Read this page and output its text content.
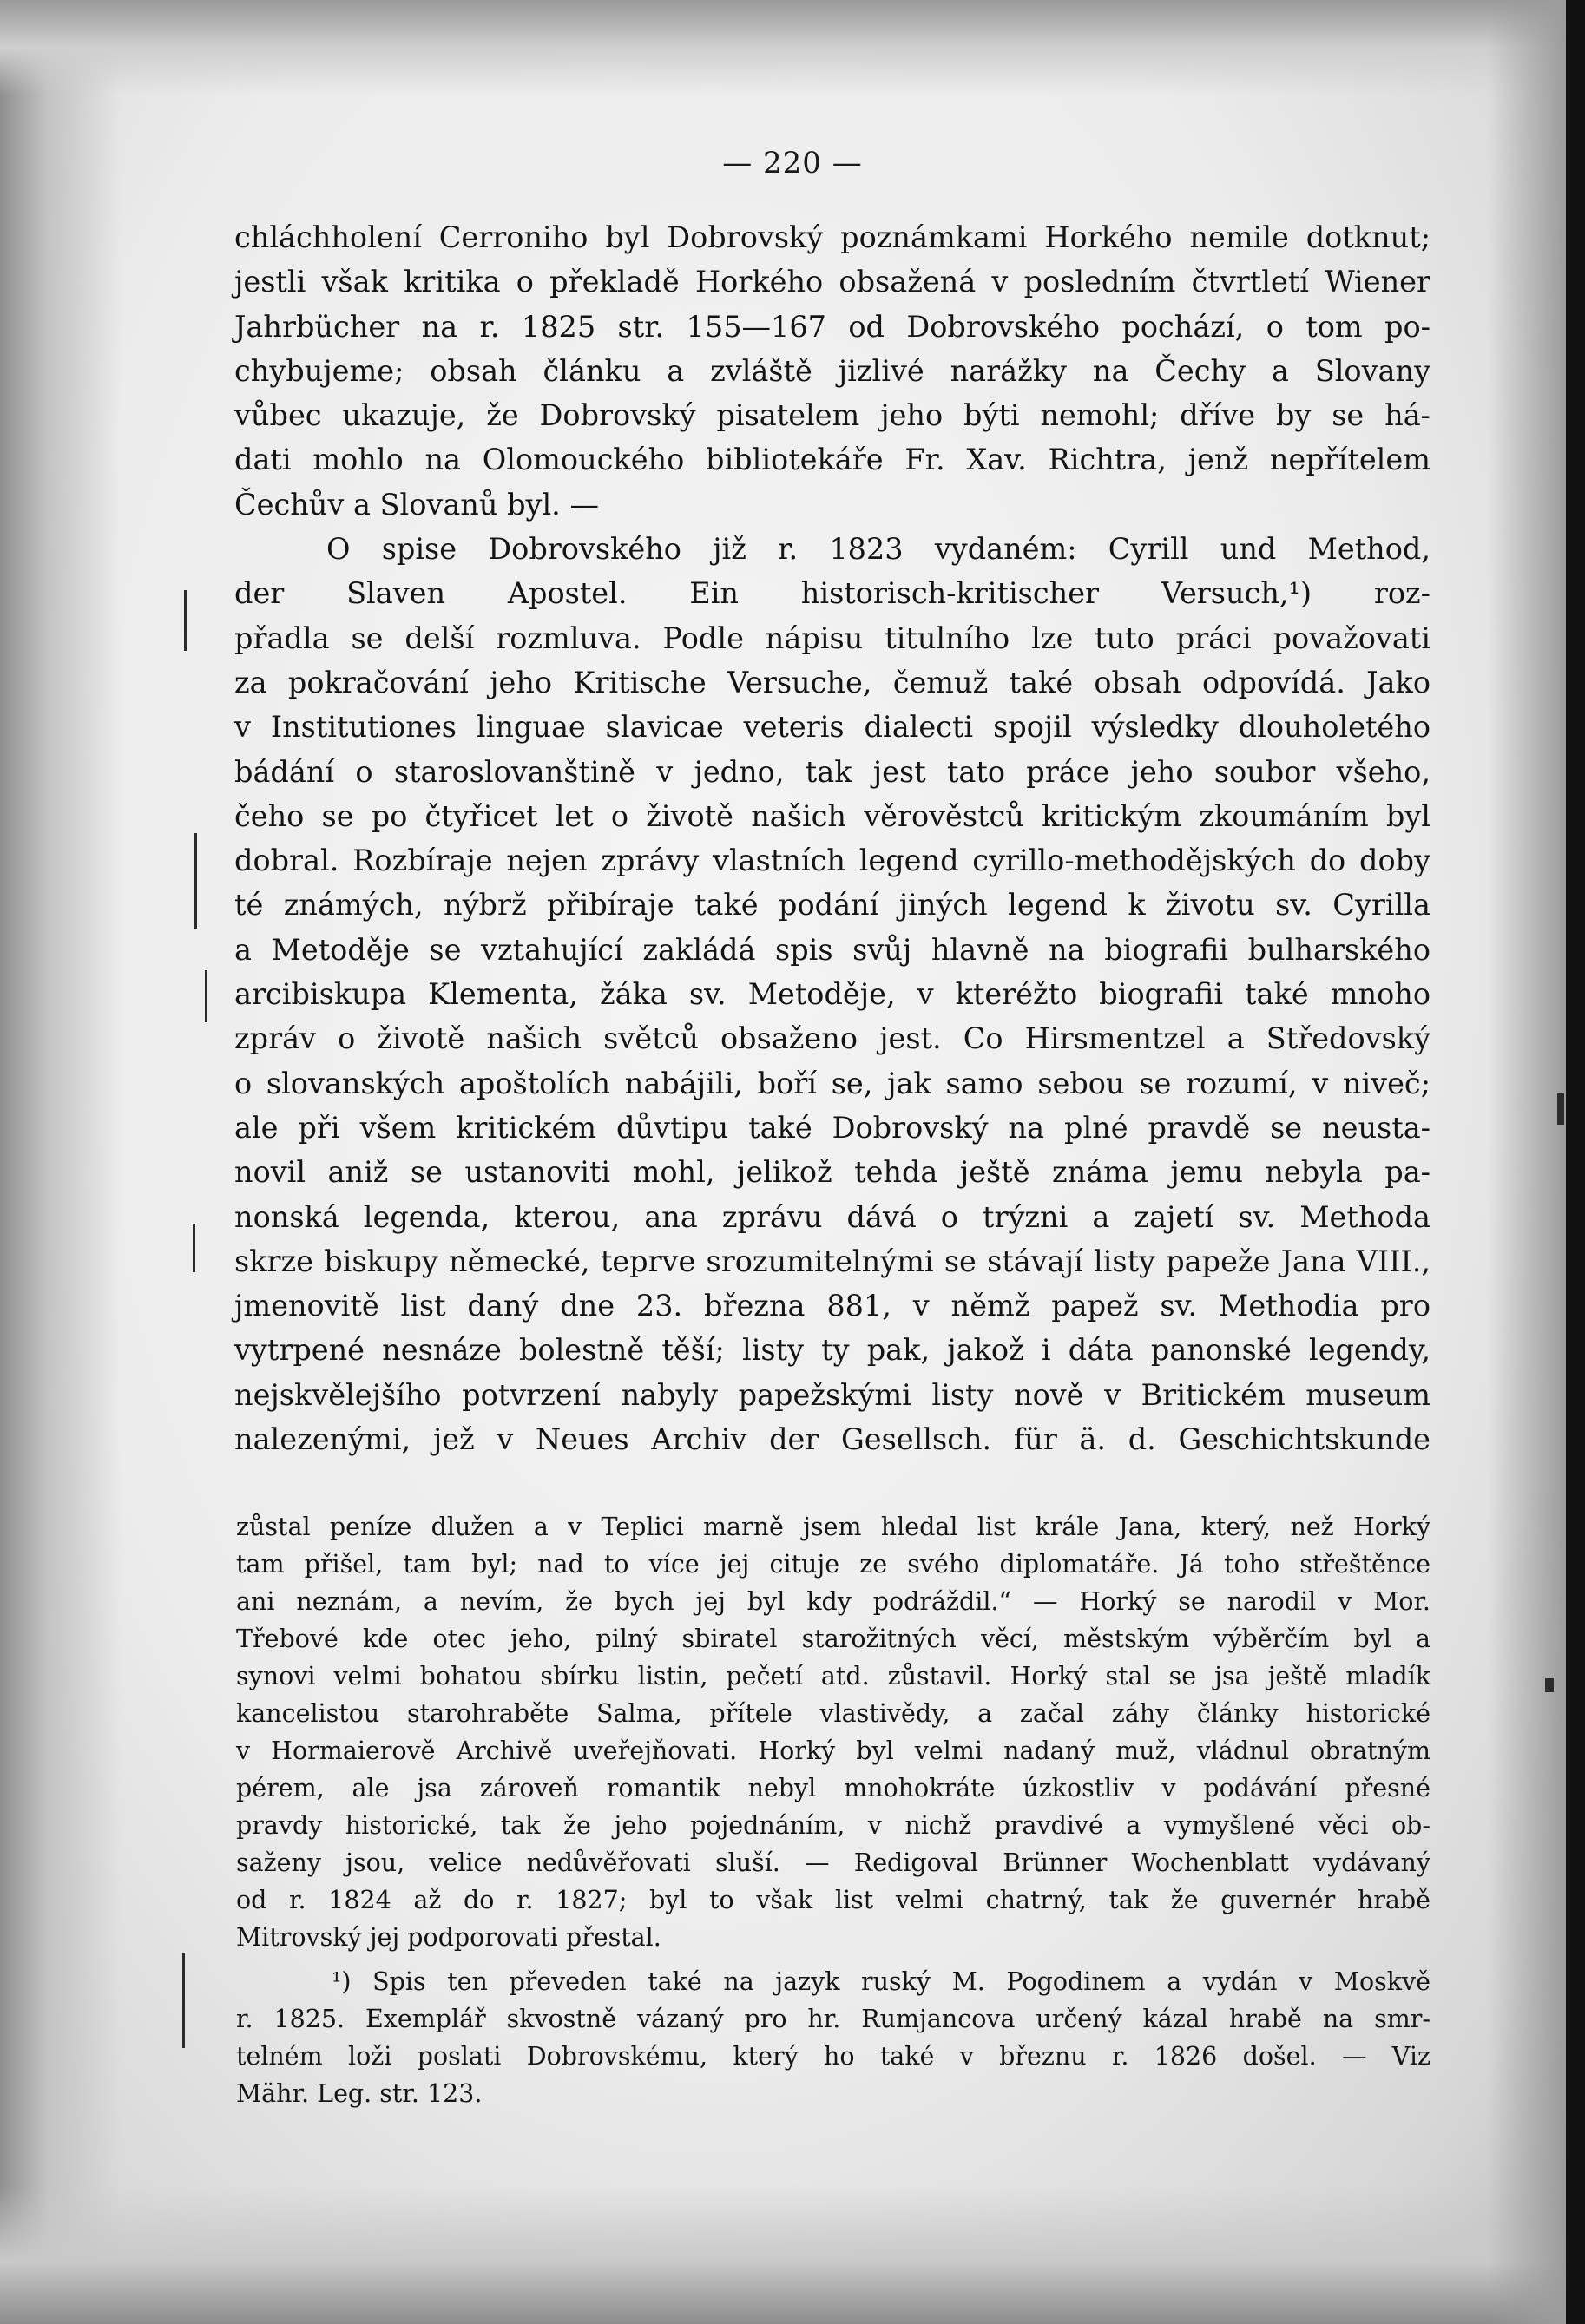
— 220 —
chláchholení Cerroniho byl Dobrovský poznámkami Horkého nemile dotknut;
jestli však kritika o překladě Horkého obsažená v posledním čtvrtletí Wiener
Jahrbücher na r. 1825 str. 155—167 od Dobrovského pochází, o tom po-
chybujeme; obsah článku a zvláště jizlivé narážky na Čechy a Slovany
vůbec ukazuje, že Dobrovský pisatelem jeho býti nemohl; dříve by se há-
dati mohlo na Olomouckého bibliotekáře Fr. Xav. Richtra, jenž nepřítelem
Čechův a Slovanů byl. —
O spise Dobrovského již r. 1823 vydaném: Cyrill und Method,
der Slaven Apostel. Ein historisch-kritischer Versuch,¹) roz-
přadla se delší rozmluva. Podle nápisu titulního lze tuto práci považovati
za pokračování jeho Kritische Versuche, čemuž také obsah odpovídá. Jako
v Institutiones linguae slavicae veteris dialecti spojil výsledky dlouholetého
bádání o staroslovanštině v jedno, tak jest tato práce jeho soubor všeho,
čeho se po čtyřicet let o životě našich věrověstců kritickým zkoumáním byl
dobral. Rozbíraje nejen zprávy vlastních legend cyrillo-methodějských do doby
té známých, nýbrž přibíraje také podání jiných legend k životu sv. Cyrilla
a Metoděje se vztahující zakládá spis svůj hlavně na biografii bulharského
arcibiskupa Klementa, žáka sv. Metoděje, v kteréžto biografii také mnoho
zpráv o životě našich světců obsaženo jest. Co Hirsmentzel a Středovský
o slovanských apoštolích nabájili, boří se, jak samo sebou se rozumí, v niveč;
ale při všem kritickém důvtipu také Dobrovský na plné pravdě se neusta-
novil aniž se ustanoviti mohl, jelikož tehda ještě známa jemu nebyla pa-
nonská legenda, kterou, ana zprávu dává o trýzni a zajetí sv. Methoda
skrze biskupy německé, teprve srozumitelnými se stávají listy papeže Jana VIII.,
jmenovitě list daný dne 23. března 881, v němž papež sv. Methodia pro
vytrpené nesnáze bolestně těší; listy ty pak, jakož i dáta panonské legendy,
nejskvělejšího potvrzení nabyly papežskými listy nově v Britickém museum
nalezenými, jež v Neues Archiv der Gesellsch. für ä. d. Geschichtskunde
zůstal peníze dlužen a v Teplici marně jsem hledal list krále Jana, který, než Horký
tam přišel, tam byl; nad to více jej cituje ze svého diplomatáře. Já toho střeštěnce
ani neznám, a nevím, že bych jej byl kdy podráždil.“ — Horký se narodil v Mor.
Třebové kde otec jeho, pilný sbiratel starožitných věcí, městským výběrčím byl a
synovi velmi bohatou sbírku listin, pečetí atd. zůstavil. Horký stal se jsa ještě mladík
kancelistou starohraběte Salma, přítele vlastivědy, a začal záhy články historické
v Hormaierově Archivě uveřejňovati. Horký byl velmi nadaný muž, vládnul obratným
pérem, ale jsa zároveň romantik nebyl mnohokráte úzkostliv v podávání přesné
pravdy historické, tak že jeho pojednáním, v nichž pravdivé a vymyšlené věci ob-
saženy jsou, velice nedůvěřovati sluší. — Redigoval Brünner Wochenblatt vydávaný
od r. 1824 až do r. 1827; byl to však list velmi chatrný, tak že guvernér hrabě
Mitrovský jej podporovati přestal.
¹) Spis ten převeden také na jazyk ruský M. Pogodinem a vydán v Moskvě
r. 1825. Exemplář skvostně vázaný pro hr. Rumjancova určený kázal hrabě na smr-
telném loži poslati Dobrovskému, který ho také v březnu r. 1826 došel. — Viz
Mähr. Leg. str. 123.
